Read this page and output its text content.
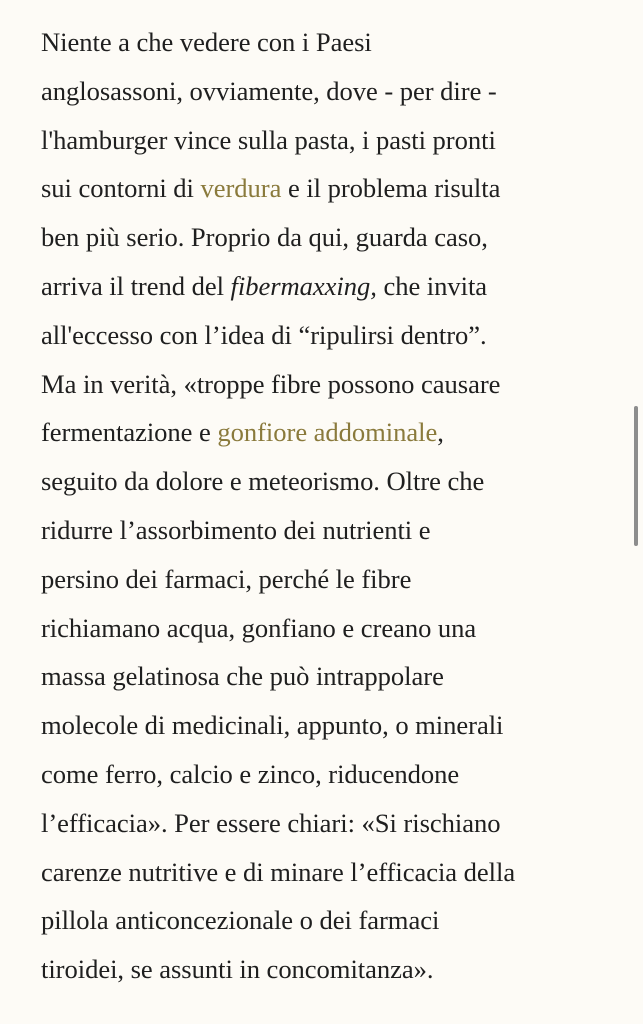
Niente a che vedere con i Paesi
anglosassoni, ovviamente, dove - per dire -
l'hamburger vince sulla pasta, i pasti pronti
sui contorni di verdura e il problema risulta
ben più serio. Proprio da qui, guarda caso,
arriva il trend del fibermaxxing, che invita
all'eccesso con l’idea di “ripulirsi dentro”.
Ma in verità, «troppe fibre possono causare
fermentazione e gonfiore addominale,
seguito da dolore e meteorismo. Oltre che
ridurre l’assorbimento dei nutrienti e
persino dei farmaci, perché le fibre
richiamano acqua, gonfiano e creano una
massa gelatinosa che può intrappolare
molecole di medicinali, appunto, o minerali
come ferro, calcio e zinco, riducendone
l’efficacia». Per essere chiari: «Si rischiano
carenze nutritive e di minare l’efficacia della
pillola anticoncezionale o dei farmaci
tiroidei, se assunti in concomitanza».
